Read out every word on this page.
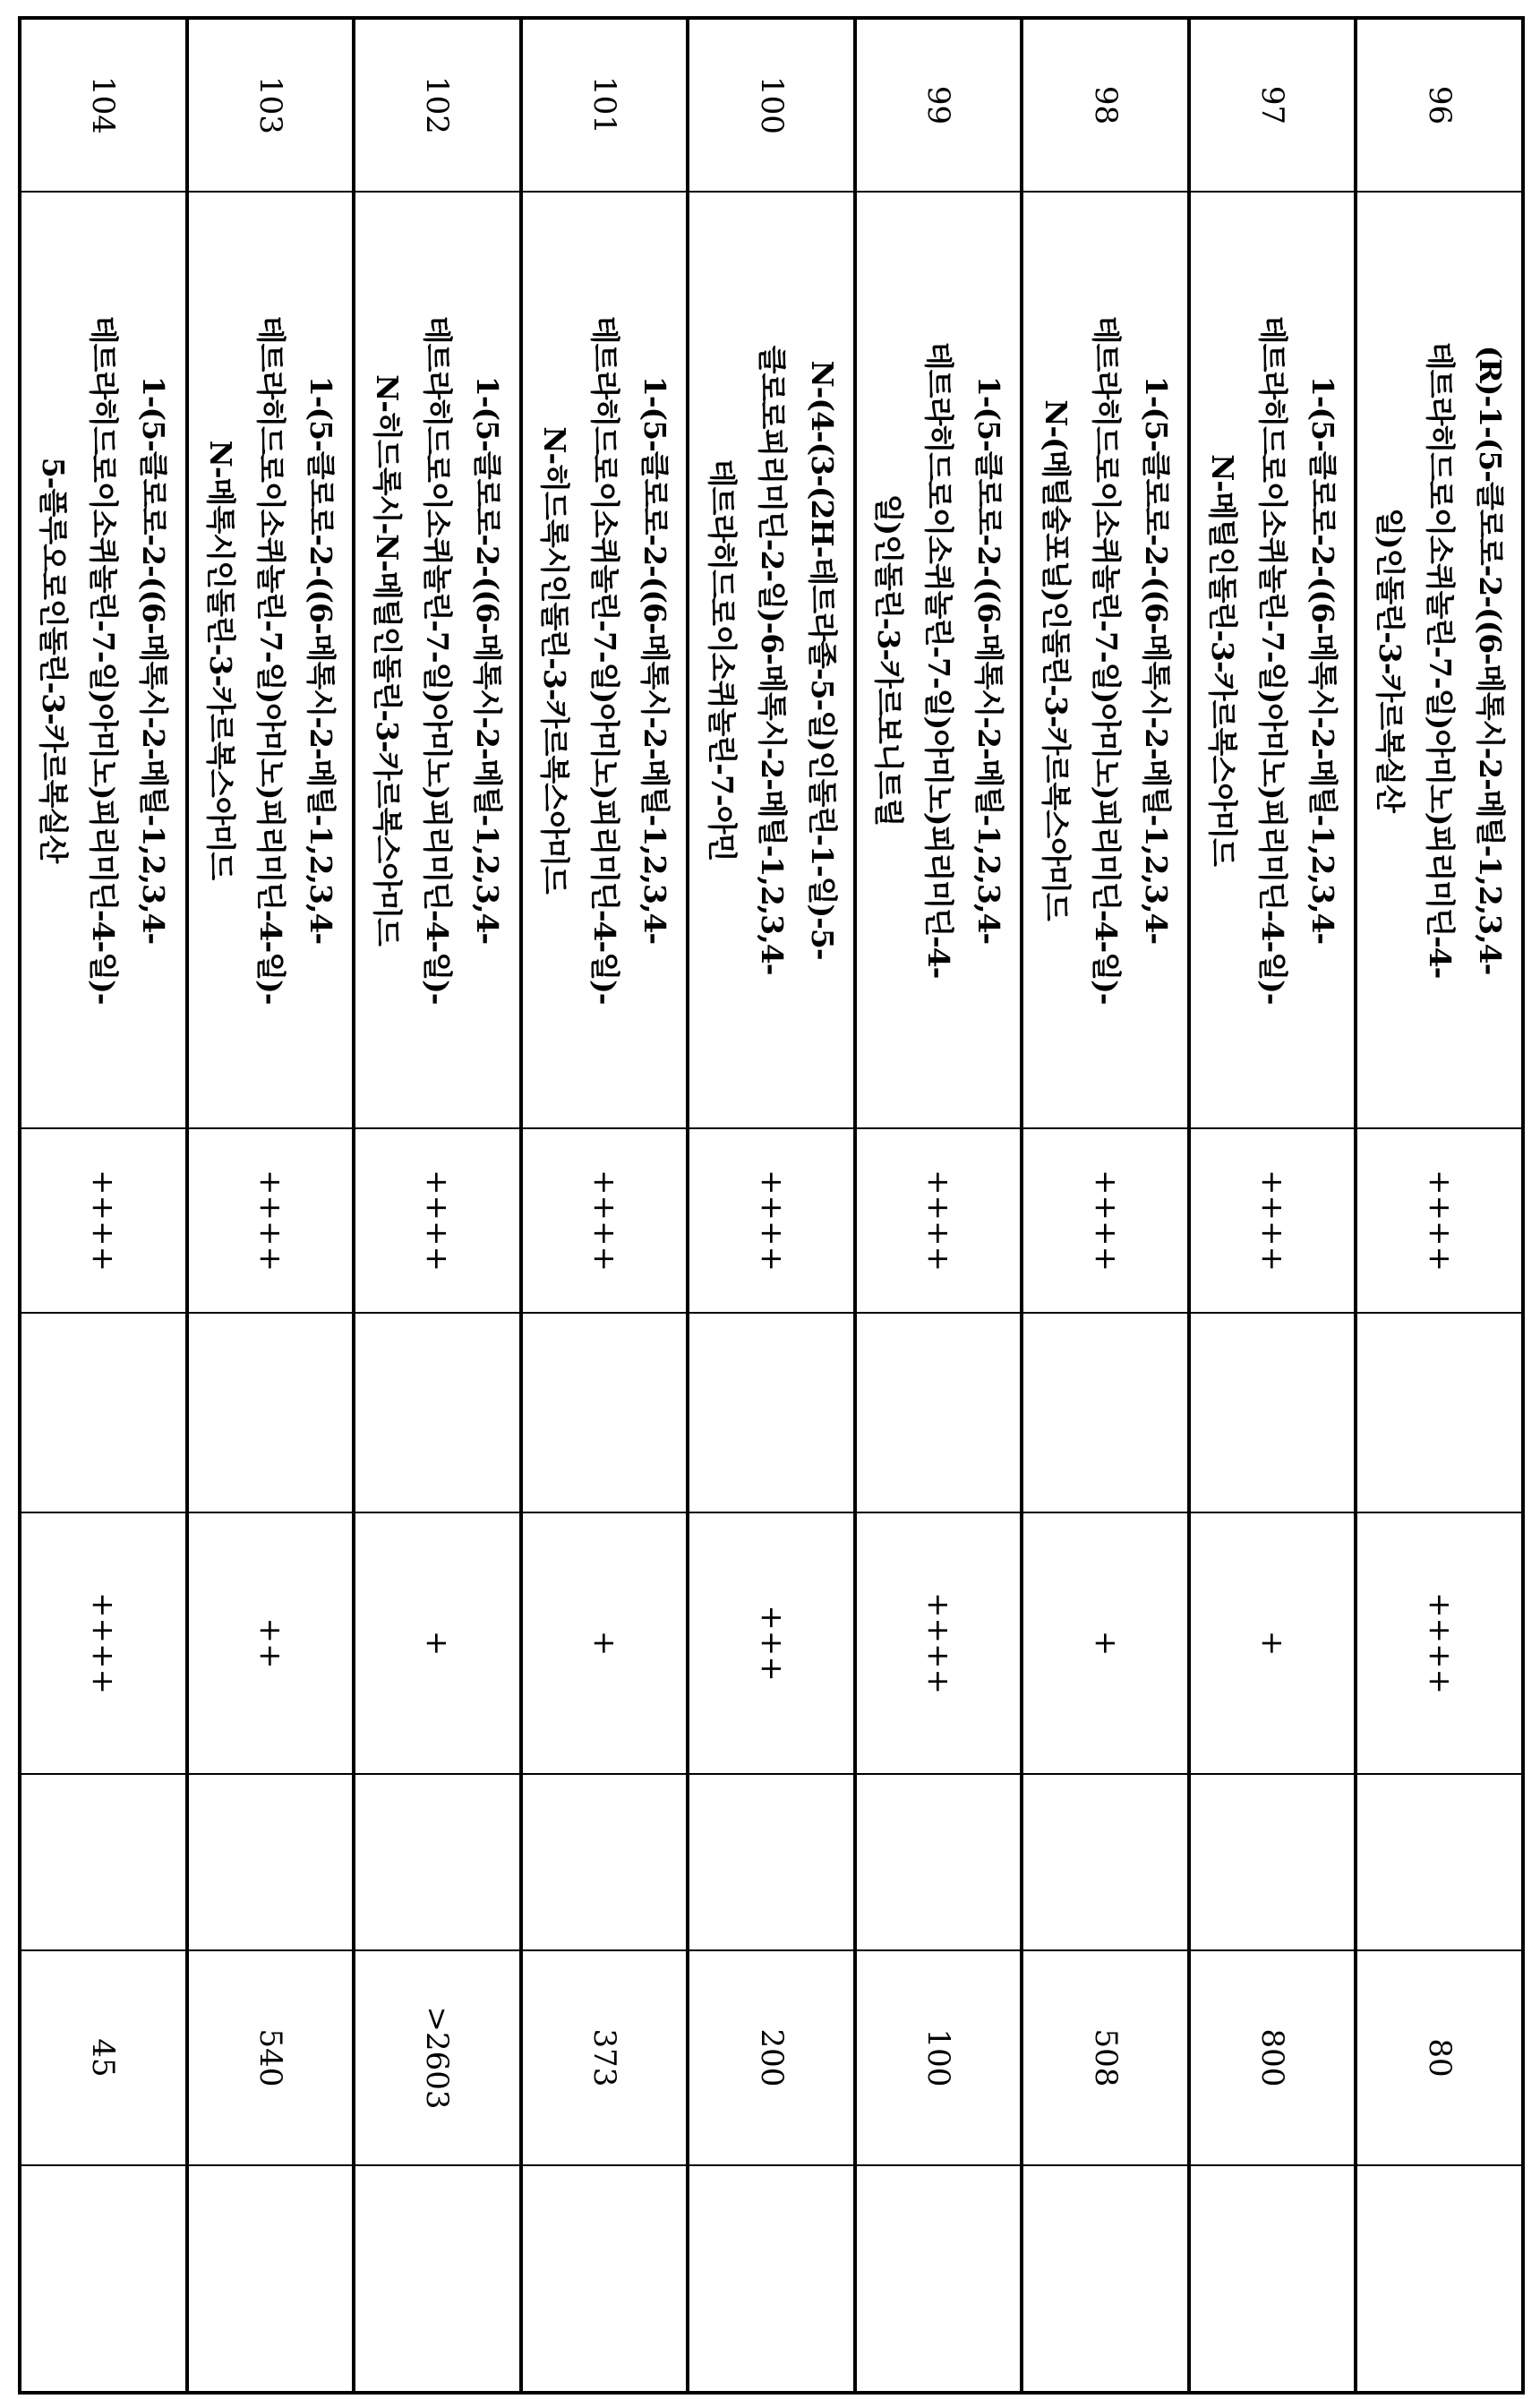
96	(R)-1-(5-클로로-2-((6-메톡시-2-메틸-1,2,3,4-
테트라히드로이소퀴놀린-7-일)아미노)피리미딘-4-
일)인돌린-3-카르복실산	++++		++++		80	
97	1-(5-클로로-2-((6-메톡시-2-메틸-1,2,3,4-
테트라히드로이소퀴놀린-7-일)아미노)피리미딘-4-일)-
N-메틸인돌린-3-카르복스아미드	++++		+		800	
98	1-(5-클로로-2-((6-메톡시-2-메틸-1,2,3,4-
테트라히드로이소퀴놀린-7-일)아미노)피리미딘-4-일)-
N-(메틸술포닐)인돌린-3-카르복스아미드	++++		+		508	
99	1-(5-클로로-2-((6-메톡시-2-메틸-1,2,3,4-
테트라히드로이소퀴놀린-7-일)아미노)피리미딘-4-
일)인돌린-3-카르보니트릴	++++		++++		100	
100	N-(4-(3-(2H-테트라졸-5-일)인돌린-1-일)-5-
클로로피리미딘-2-일)-6-메톡시-2-메틸-1,2,3,4-
테트라히드로이소퀴놀린-7-아민	++++		+++		200	
101	1-(5-클로로-2-((6-메톡시-2-메틸-1,2,3,4-
테트라히드로이소퀴놀린-7-일)아미노)피리미딘-4-일)-
N-히드록시인돌린-3-카르복스아미드	++++		+		373	
102	1-(5-클로로-2-((6-메톡시-2-메틸-1,2,3,4-
테트라히드로이소퀴놀린-7-일)아미노)피리미딘-4-일)-
N-히드록시-N-메틸인돌린-3-카르복스아미드	++++		+		>2603	
103	1-(5-클로로-2-((6-메톡시-2-메틸-1,2,3,4-
테트라히드로이소퀴놀린-7-일)아미노)피리미딘-4-일)-
N-메톡시인돌린-3-카르복스아미드	++++		++		540	
104	1-(5-클로로-2-((6-메톡시-2-메틸-1,2,3,4-
테트라히드로이소퀴놀린-7-일)아미노)피리미딘-4-일)-
5-플루오로인돌린-3-카르복실산	++++		++++		45	
